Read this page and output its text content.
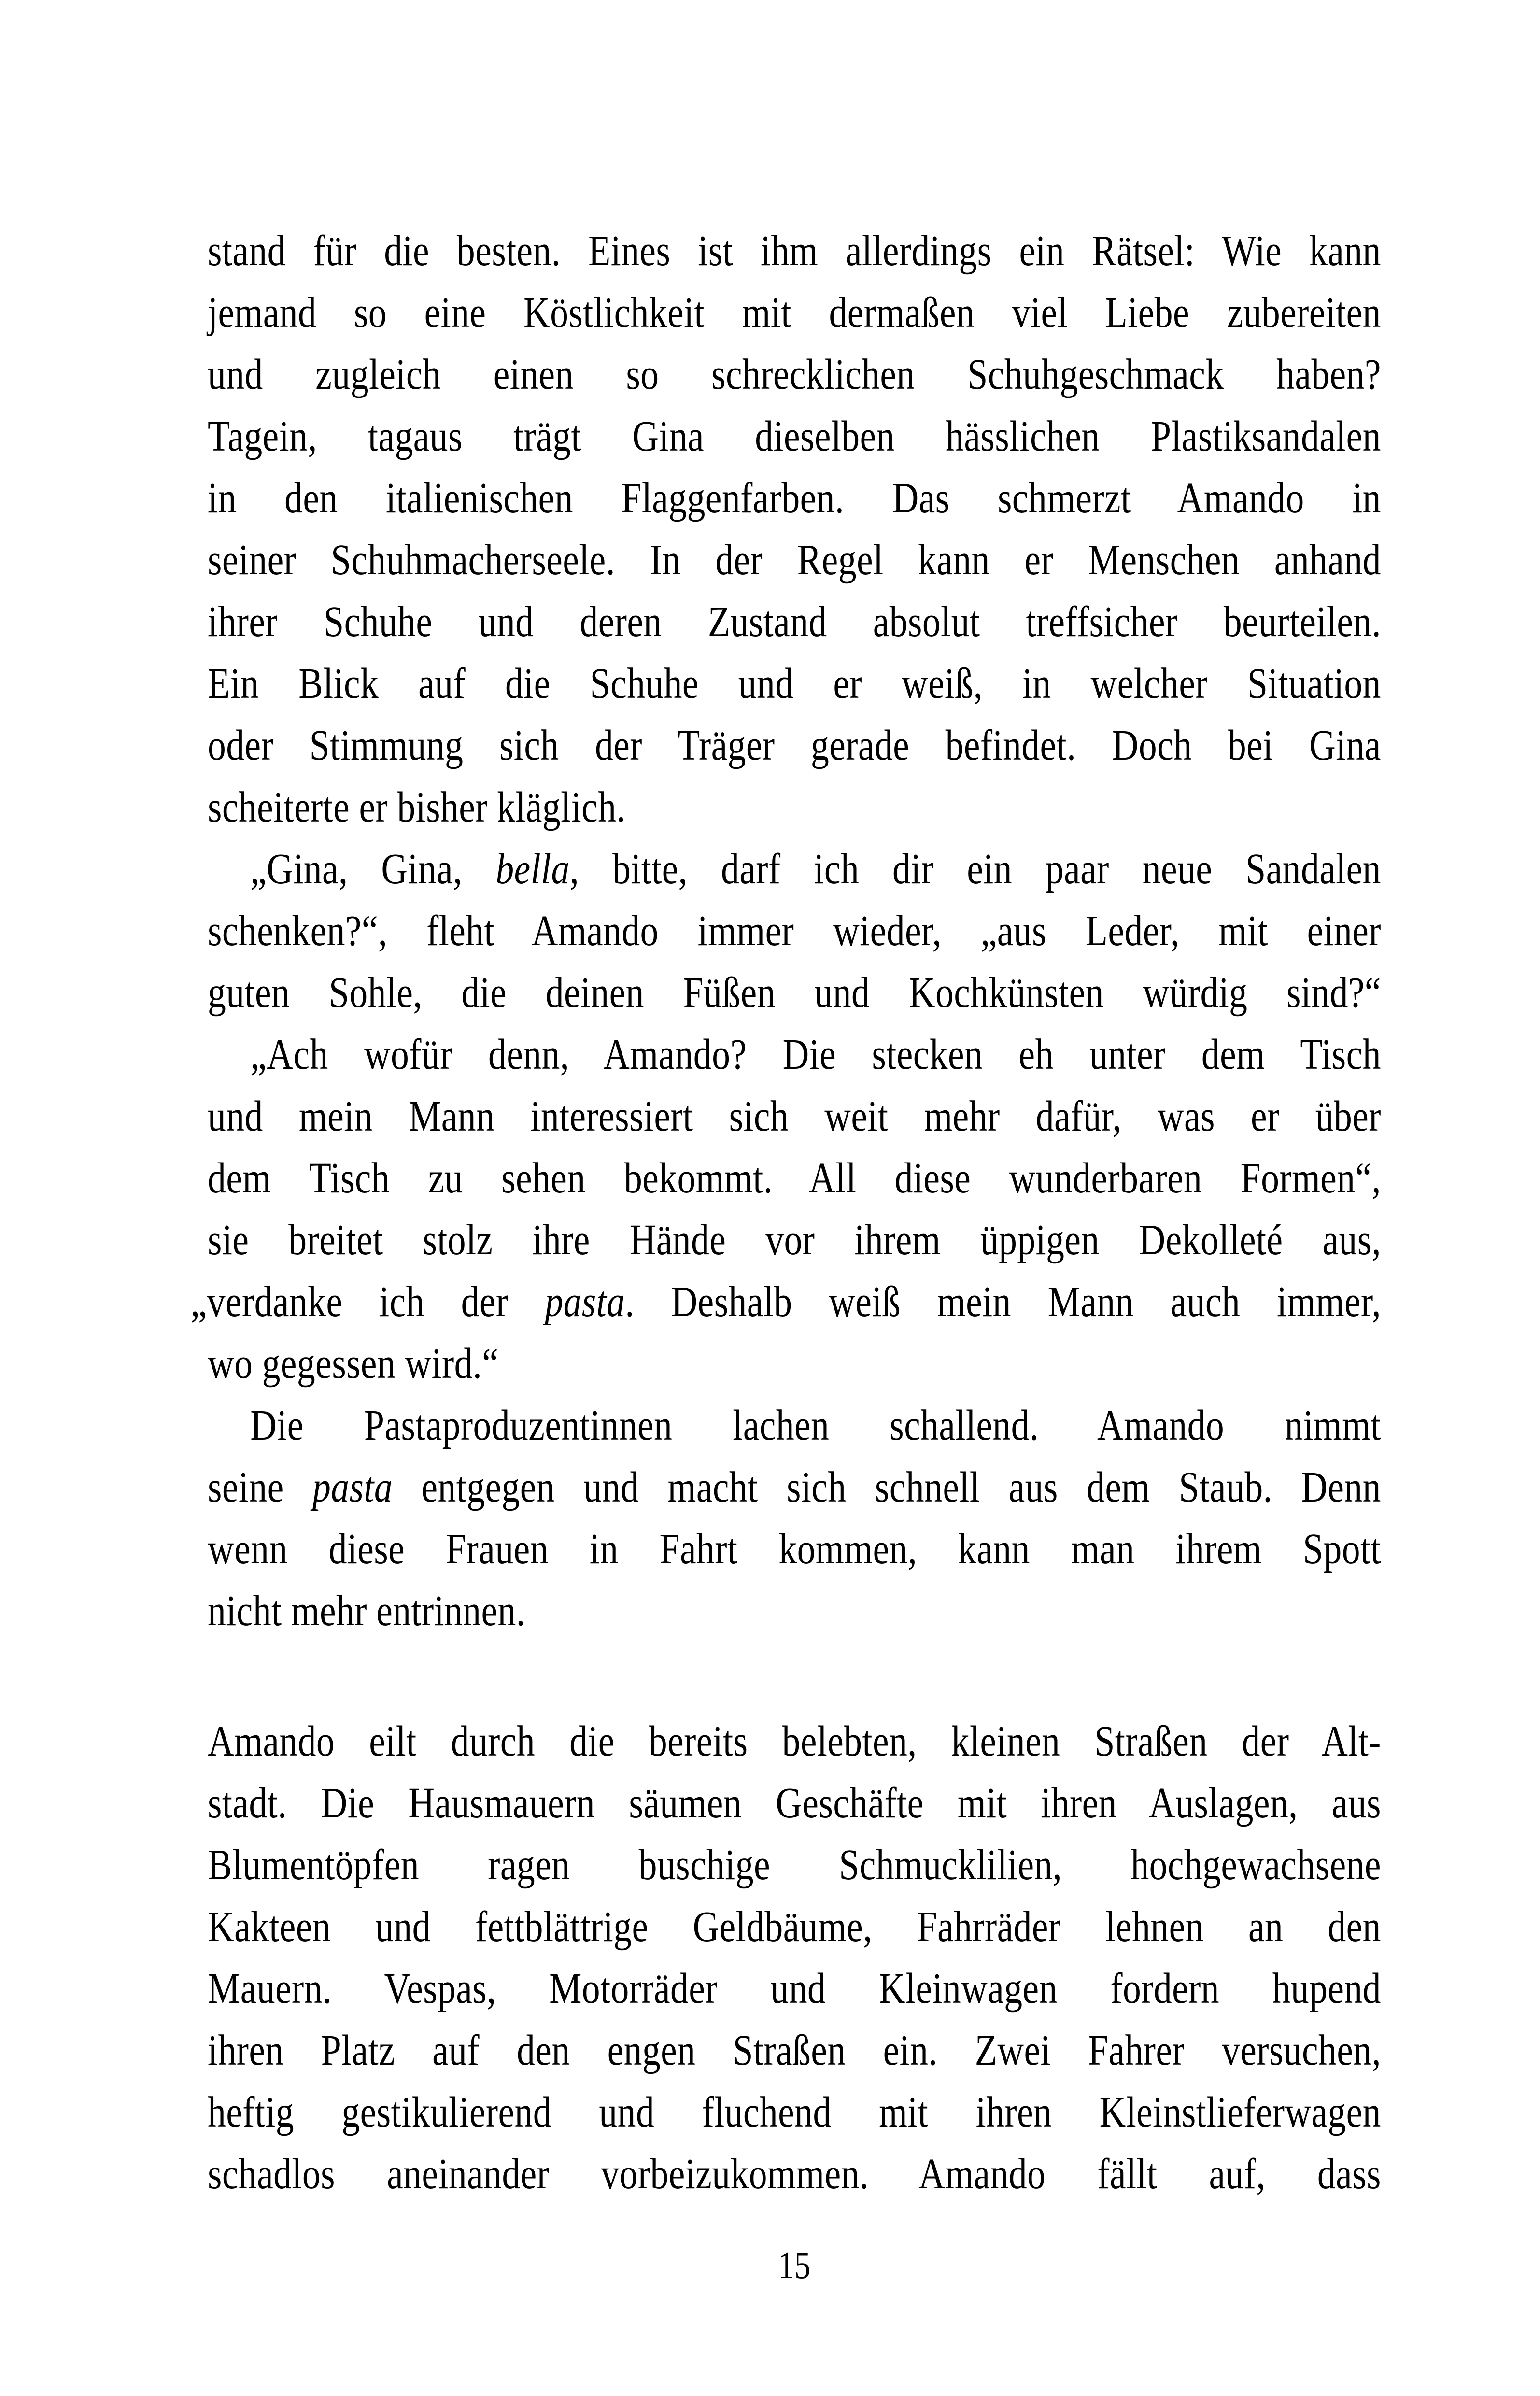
stand für die besten. Eines ist ihm allerdings ein Rätsel: Wie kann
jemand so eine Köstlichkeit mit dermaßen viel Liebe zubereiten
und zugleich einen so schrecklichen Schuhgeschmack haben?
Tagein, tagaus trägt Gina dieselben hässlichen Plastiksandalen
in den italienischen Flaggenfarben. Das schmerzt Amando in
seiner Schuhmacherseele. In der Regel kann er Menschen anhand
ihrer Schuhe und deren Zustand absolut treffsicher beurteilen.
Ein Blick auf die Schuhe und er weiß, in welcher Situation
oder Stimmung sich der Träger gerade befindet. Doch bei Gina
scheiterte er bisher kläglich.
„Gina, Gina, bella, bitte, darf ich dir ein paar neue Sandalen
schenken?“, fleht Amando immer wieder, „aus Leder, mit einer
guten Sohle, die deinen Füßen und Kochkünsten würdig sind?“
„Ach wofür denn, Amando? Die stecken eh unter dem Tisch
und mein Mann interessiert sich weit mehr dafür, was er über
dem Tisch zu sehen bekommt. All diese wunderbaren Formen“,
sie breitet stolz ihre Hände vor ihrem üppigen Dekolleté aus,
„verdanke ich der pasta. Deshalb weiß mein Mann auch immer,
wo gegessen wird.“
Die Pastaproduzentinnen lachen schallend. Amando nimmt
seine pasta entgegen und macht sich schnell aus dem Staub. Denn
wenn diese Frauen in Fahrt kommen, kann man ihrem Spott
nicht mehr entrinnen.
Amando eilt durch die bereits belebten, kleinen Straßen der Alt-
stadt. Die Hausmauern säumen Geschäfte mit ihren Auslagen, aus
Blumentöpfen ragen buschige Schmucklilien, hochgewachsene
Kakteen und fettblättrige Geldbäume, Fahrräder lehnen an den
Mauern. Vespas, Motorräder und Kleinwagen fordern hupend
ihren Platz auf den engen Straßen ein. Zwei Fahrer versuchen,
heftig gestikulierend und fluchend mit ihren Kleinstlieferwagen
schadlos aneinander vorbeizukommen. Amando fällt auf, dass
15
